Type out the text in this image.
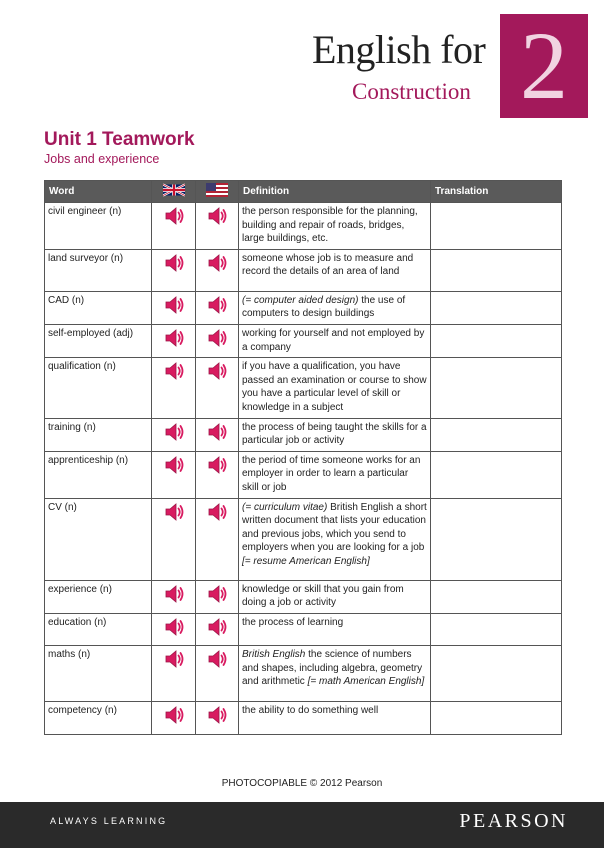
English for
Construction 2
Unit 1 Teamwork
Jobs and experience
Word			Definition	Translation
civil engineer (n)			the person responsible for the planning, building and repair of roads, bridges, large buildings, etc.	
land surveyor (n)			someone whose job is to measure and record the details of an area of land	
CAD (n)			(= computer aided design) the use of computers to design buildings	
self-employed (adj)			working for yourself and not employed by a company	
qualification (n)			if you have a qualification, you have passed an examination or course to show you have a particular level of skill or knowledge in a subject	
training (n)			the process of being taught the skills for a particular job or activity	
apprenticeship (n)			the period of time someone works for an employer in order to learn a particular skill or job	
CV (n)			(= curriculum vitae) British English a short written document that lists your education and previous jobs, which you send to employers when you are looking for a job [= resume American English]	
experience (n)			knowledge or skill that you gain from doing a job or activity	
education (n)			the process of learning	
maths (n)			British English the science of numbers and shapes, including algebra, geometry and arithmetic [= math American English]	
competency (n)			the ability to do something well	
PHOTOCOPIABLE © 2012 Pearson
ALWAYS LEARNING	PEARSON
